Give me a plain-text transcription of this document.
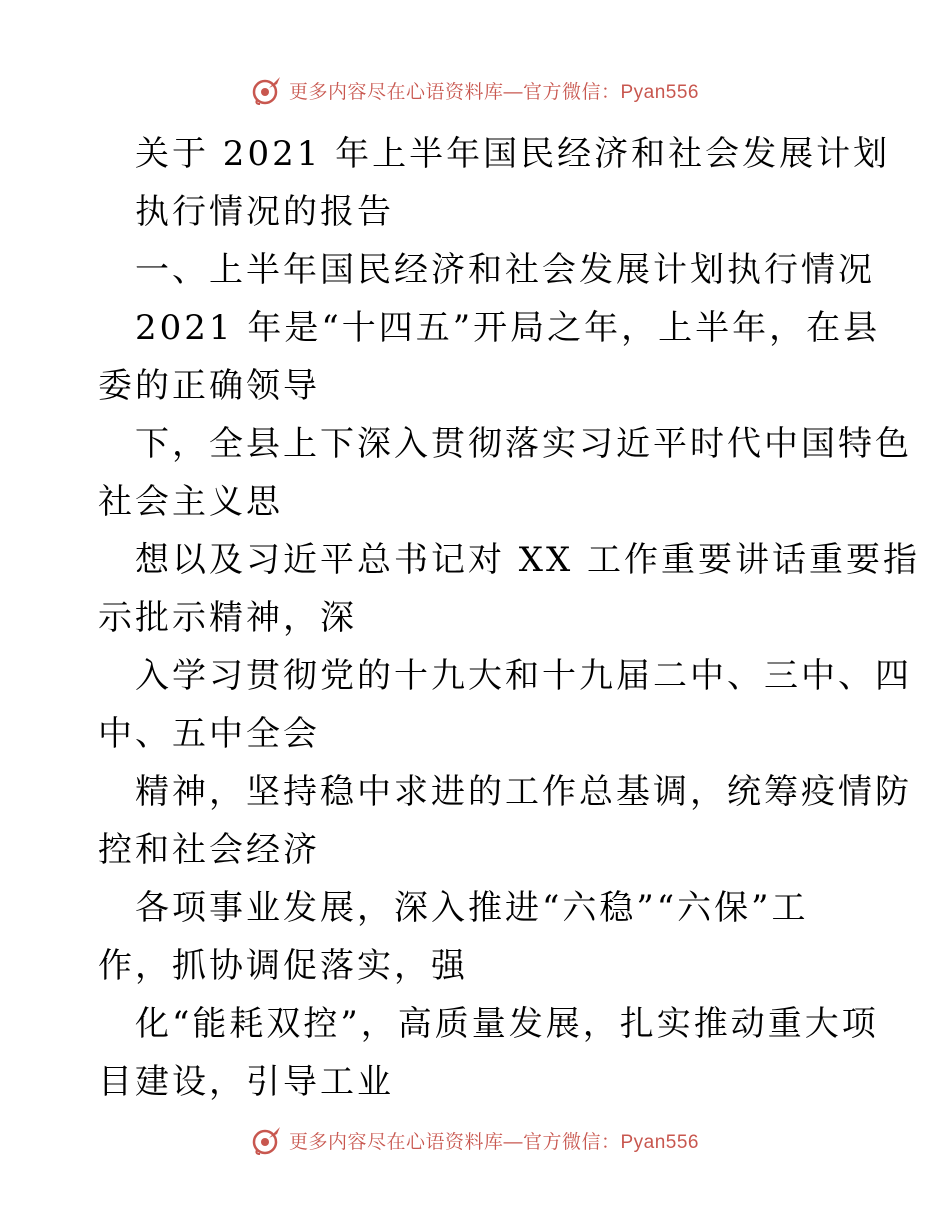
更多内容尽在心语资料库—官方微信：Pyan556
关于 2021 年上半年国民经济和社会发展计划
执行情况的报告
一、上半年国民经济和社会发展计划执行情况
2021 年是“十四五”开局之年，上半年，在县
委的正确领导
下，全县上下深入贯彻落实习近平时代中国特色
社会主义思
想以及习近平总书记对 XX 工作重要讲话重要指
示批示精神，深
入学习贯彻党的十九大和十九届二中、三中、四
中、五中全会
精神，坚持稳中求进的工作总基调，统筹疫情防
控和社会经济
各项事业发展，深入推进“六稳”“六保”工
作，抓协调促落实，强
化“能耗双控”，高质量发展，扎实推动重大项
目建设，引导工业
更多内容尽在心语资料库—官方微信：Pyan556
